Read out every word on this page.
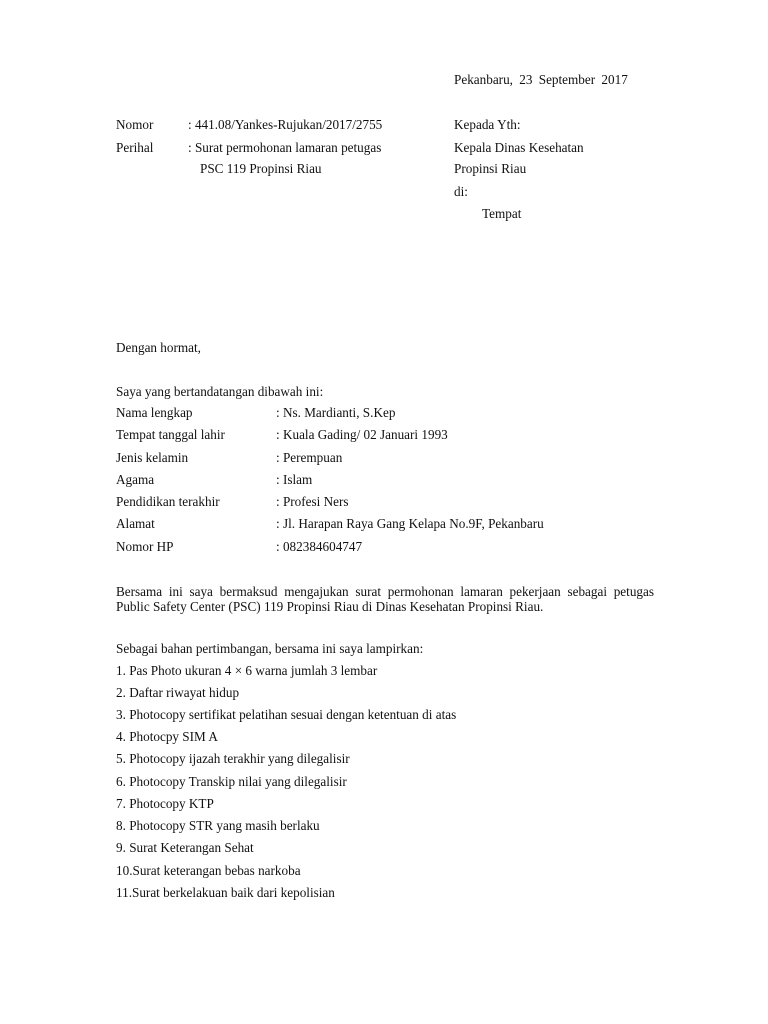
Pekanbaru, 23 September 2017
Nomor	: 441.08/Yankes-Rujukan/2017/2755
Perihal	: Surat permohonan lamaran petugas
PSC 119 Propinsi Riau
Kepada Yth:
Kepala Dinas Kesehatan
Propinsi Riau
di:
Tempat
Dengan hormat,
Saya yang bertandatangan dibawah ini:
Nama lengkap	: Ns. Mardianti, S.Kep
Tempat tanggal lahir	: Kuala Gading/ 02 Januari 1993
Jenis kelamin	: Perempuan
Agama	: Islam
Pendidikan terakhir	: Profesi Ners
Alamat	: Jl. Harapan Raya Gang Kelapa No.9F, Pekanbaru
Nomor HP	: 082384604747
Bersama ini saya bermaksud mengajukan surat permohonan lamaran pekerjaan sebagai petugas Public Safety Center (PSC) 119 Propinsi Riau di Dinas Kesehatan Propinsi Riau.
Sebagai bahan pertimbangan, bersama ini saya lampirkan:
1. Pas Photo ukuran 4 × 6 warna jumlah 3 lembar
2. Daftar riwayat hidup
3. Photocopy sertifikat pelatihan sesuai dengan ketentuan di atas
4. Photocpy SIM A
5. Photocopy ijazah terakhir yang dilegalisir
6. Photocopy Transkip nilai yang dilegalisir
7. Photocopy KTP
8. Photocopy STR yang masih berlaku
9. Surat Keterangan Sehat
10.Surat keterangan bebas narkoba
11.Surat berkelakuan baik dari kepolisian
